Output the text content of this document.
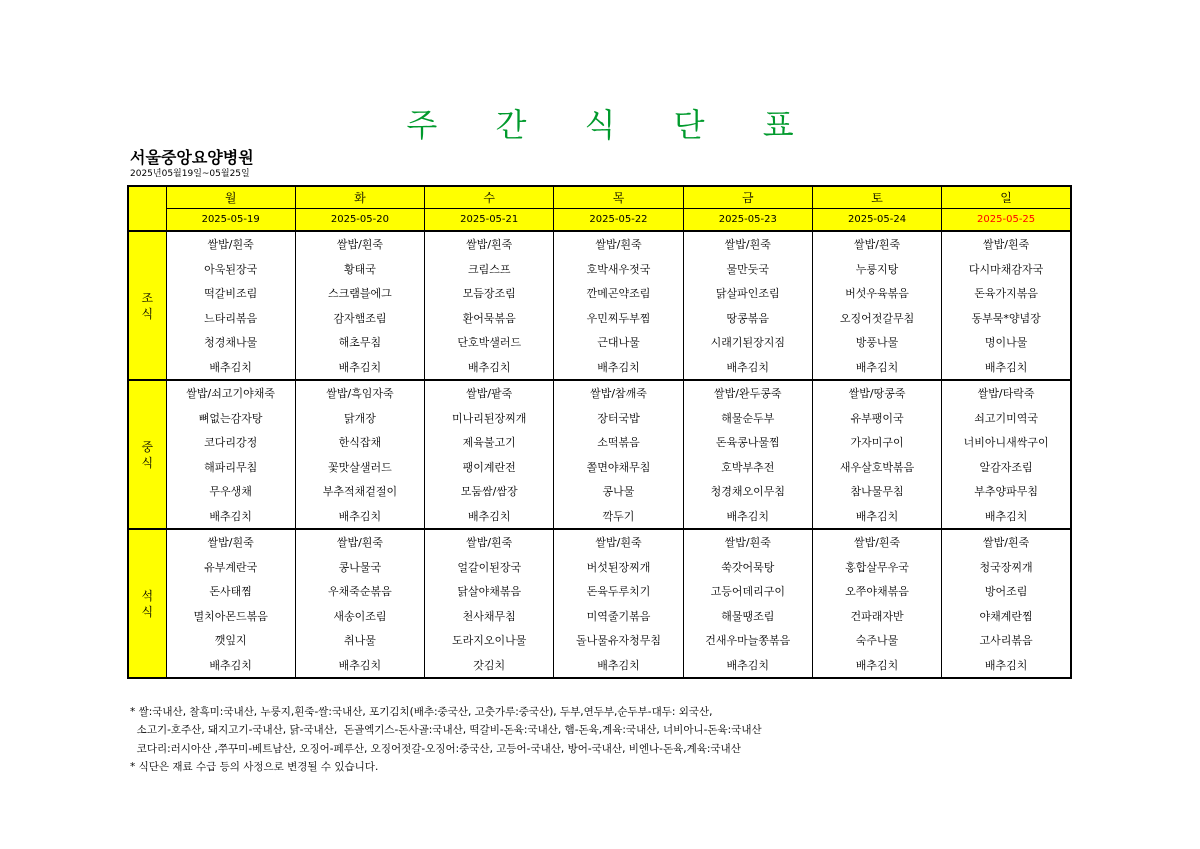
주 간 식 단 표
서울중앙요양병원
2025년05월19일~05월25일
	월	화	수	목	금	토	일
	2025-05-19	2025-05-20	2025-05-21	2025-05-22	2025-05-23	2025-05-24	2025-05-25

조
식	쌀밥/흰죽	쌀밥/흰죽	쌀밥/흰죽	쌀밥/흰죽	쌀밥/흰죽	쌀밥/흰죽	쌀밥/흰죽
	아욱된장국	황태국	크림스프	호박새우젓국	물만둣국	누룽지탕	다시마채감자국
	떡갈비조림	스크램블에그	모듬장조림	깐메곤약조림	닭살파인조림	버섯우육볶음	돈육가지볶음
	느타리볶음	감자햄조림	환어묵볶음	우민찌두부찜	땅콩볶음	오징어젓갈무침	동부묵*양념장
	청경채나물	해초무침	단호박샐러드	근대나물	시래기된장지짐	방풍나물	명이나물
	배추김치	배추김치	배추김치	배추김치	배추김치	배추김치	배추김치

중
식	쌀밥/쇠고기야채죽	쌀밥/흑임자죽	쌀밥/팥죽	쌀밥/참깨죽	쌀밥/완두콩죽	쌀밥/땅콩죽	쌀밥/타락죽
	뼈없는감자탕	닭개장	미나리된장찌개	장터국밥	해물순두부	유부팽이국	쇠고기미역국
	코다리강정	한식잡채	제육불고기	소떡볶음	돈육콩나물찜	가자미구이	너비아니새싹구이
	해파리무침	꽃맛살샐러드	팽이계란전	쫄면야채무침	호박부추전	새우살호박볶음	알감자조림
	무우생채	부추적채겉절이	모둠쌈/쌈장	콩나물	청경채오이무침	참나물무침	부추양파무침
	배추김치	배추김치	배추김치	깍두기	배추김치	배추김치	배추김치

석
식	쌀밥/흰죽	쌀밥/흰죽	쌀밥/흰죽	쌀밥/흰죽	쌀밥/흰죽	쌀밥/흰죽	쌀밥/흰죽
	유부계란국	콩나물국	얼갈이된장국	버섯된장찌개	쑥갓어묵탕	홍합살무우국	청국장찌개
	돈사태찜	우채죽순볶음	닭살야채볶음	돈육두루치기	고등어데리구이	오쭈야채볶음	방어조림
	멸치아몬드볶음	새송이조림	천사채무침	미역줄기볶음	해물땡조림	건파래자반	야채계란찜
	깻잎지	취나물	도라지오이나물	돌나물유자청무침	건새우마늘쫑볶음	숙주나물	고사리볶음
	배추김치	배추김치	갓김치	배추김치	배추김치	배추김치	배추김치

* 쌀:국내산, 찰흑미:국내산, 누룽지,흰죽-쌀:국내산, 포기김치(배추:중국산, 고춧가루:중국산), 두부,연두부,순두부-대두: 외국산,
소고기-호주산, 돼지고기-국내산, 닭-국내산,  돈골엑기스-돈사골:국내산, 떡갈비-돈육:국내산, 햄-돈육,계육:국내산, 너비아니-돈육:국내산
코다리:러시아산 ,쭈꾸미-베트남산, 오징어-페루산, 오징어젓갈-오징어:중국산, 고등어-국내산, 방어-국내산, 비엔나-돈육,계육:국내산
* 식단은 재료 수급 등의 사정으로 변경될 수 있습니다.
